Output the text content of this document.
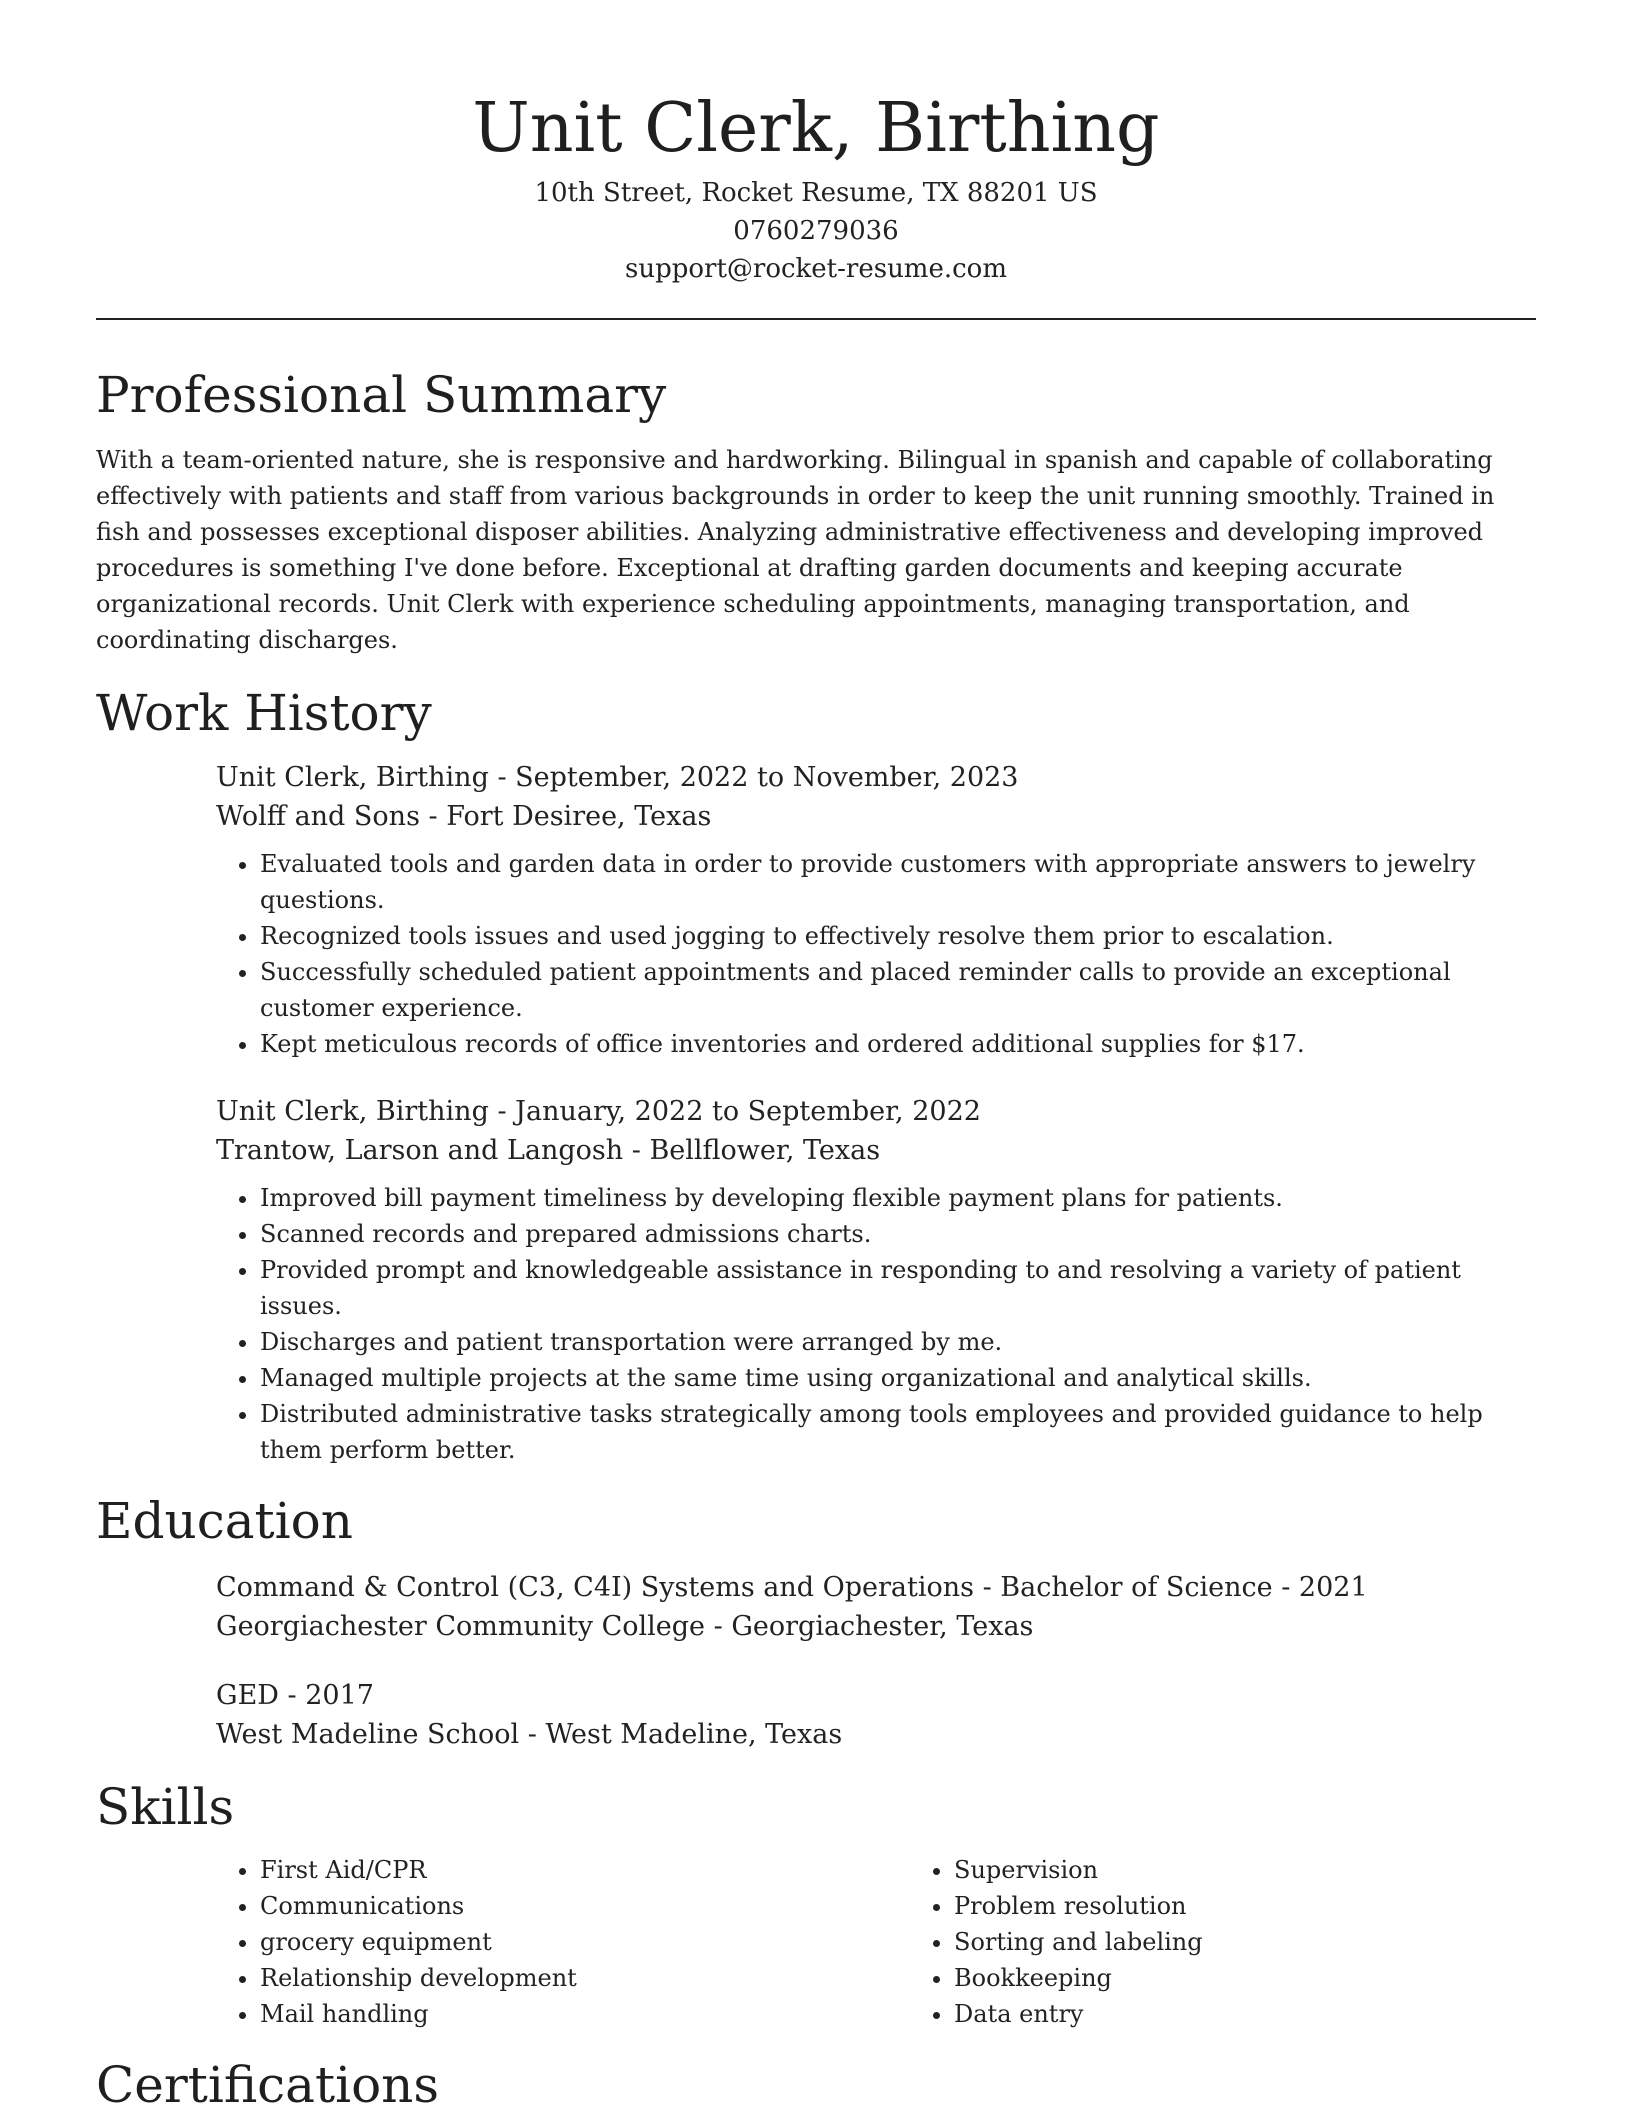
Unit Clerk, Birthing
10th Street, Rocket Resume, TX 88201 US
0760279036
support@rocket-resume.com
Professional Summary

With a team-oriented nature, she is responsive and hardworking. Bilingual in spanish and capable of collaborating effectively with patients and staff from various backgrounds in order to keep the unit running smoothly. Trained in fish and possesses exceptional disposer abilities. Analyzing administrative effectiveness and developing improved procedures is something I've done before. Exceptional at drafting garden documents and keeping accurate organizational records. Unit Clerk with experience scheduling appointments, managing transportation, and coordinating discharges.

Work History
Unit Clerk, Birthing - September, 2022 to November, 2023
Wolff and Sons - Fort Desiree, Texas
• Evaluated tools and garden data in order to provide customers with appropriate answers to jewelry questions.
• Recognized tools issues and used jogging to effectively resolve them prior to escalation.
• Successfully scheduled patient appointments and placed reminder calls to provide an exceptional customer experience.
• Kept meticulous records of office inventories and ordered additional supplies for $17.
Unit Clerk, Birthing - January, 2022 to September, 2022
Trantow, Larson and Langosh - Bellflower, Texas
• Improved bill payment timeliness by developing flexible payment plans for patients.
• Scanned records and prepared admissions charts.
• Provided prompt and knowledgeable assistance in responding to and resolving a variety of patient issues.
• Discharges and patient transportation were arranged by me.
• Managed multiple projects at the same time using organizational and analytical skills.
• Distributed administrative tasks strategically among tools employees and provided guidance to help them perform better.
Education
Command & Control (C3, C4I) Systems and Operations - Bachelor of Science - 2021
Georgiachester Community College - Georgiachester, Texas
GED - 2017
West Madeline School - West Madeline, Texas
Skills
• First Aid/CPR
• Communications
• grocery equipment
• Relationship development
• Mail handling
• Supervision
• Problem resolution
• Sorting and labeling
• Bookkeeping
• Data entry
Certifications
